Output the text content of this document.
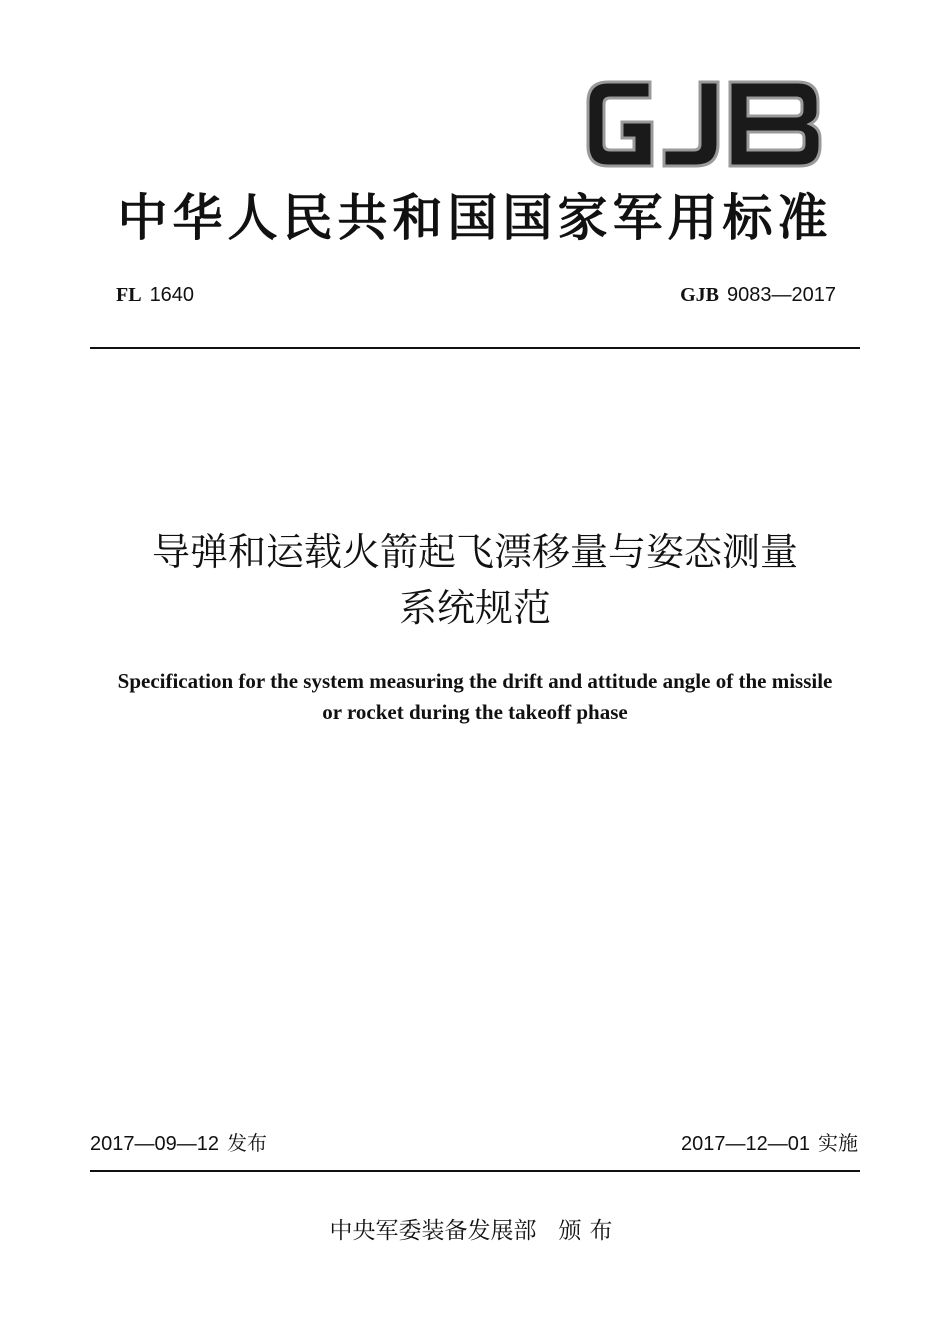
中华人民共和国国家军用标准
FL 1640	GJB 9083—2017
导弹和运载火箭起飞漂移量与姿态测量
系统规范
Specification for the system measuring the drift and attitude angle of the missile
or rocket during the takeoff phase
2017—09—12 发布	2017—12—01 实施
中央军委装备发展部 颁布
